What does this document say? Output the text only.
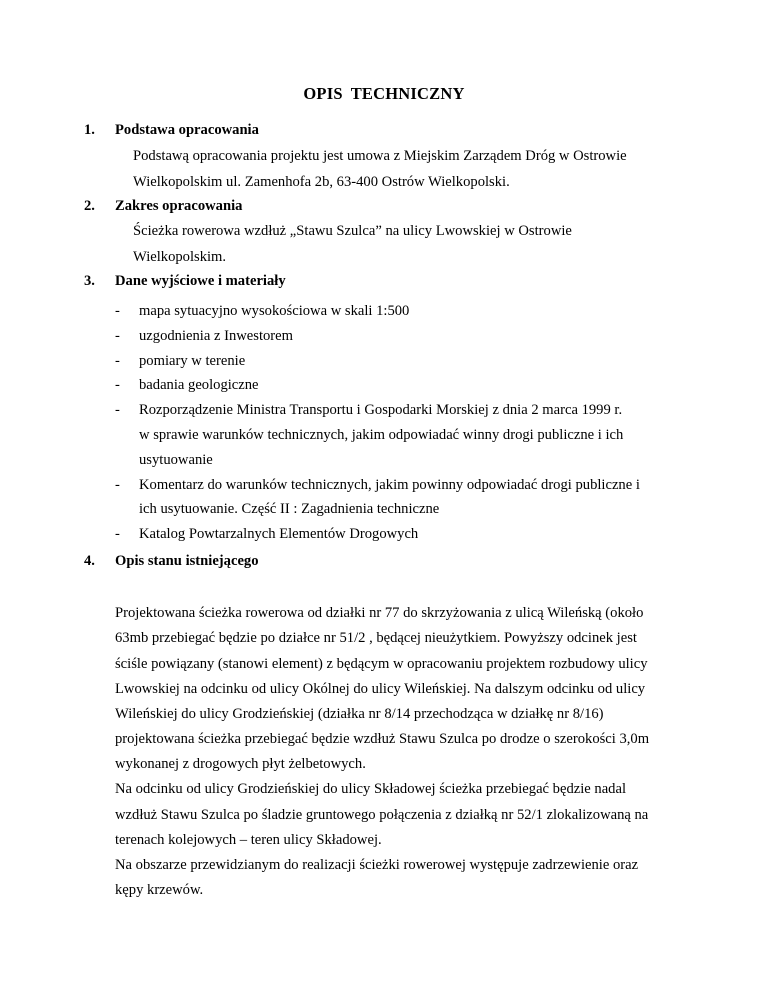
OPIS TECHNICZNY
1. Podstawa opracowania
Podstawą opracowania projektu jest umowa z Miejskim Zarządem Dróg w Ostrowie
Wielkopolskim ul. Zamenhofa 2b, 63-400 Ostrów Wielkopolski.
2. Zakres opracowania
Ścieżka rowerowa wzdłuż „Stawu Szulca” na ulicy Lwowskiej w Ostrowie
Wielkopolskim.
3. Dane wyjściowe i materiały
- mapa sytuacyjno wysokościowa w skali 1:500
- uzgodnienia z Inwestorem
- pomiary w terenie
- badania geologiczne
- Rozporządzenie Ministra Transportu i Gospodarki Morskiej z dnia 2 marca 1999 r.
w sprawie warunków technicznych, jakim odpowiadać winny drogi publiczne i ich
usytuowanie
- Komentarz do warunków technicznych, jakim powinny odpowiadać drogi publiczne i
ich usytuowanie. Część II : Zagadnienia techniczne
- Katalog Powtarzalnych Elementów Drogowych
4. Opis stanu istniejącego
Projektowana ścieżka rowerowa od działki nr 77 do skrzyżowania z ulicą Wileńską (około
63mb przebiegać będzie po działce nr 51/2 , będącej nieużytkiem. Powyższy odcinek jest
ściśle powiązany (stanowi element) z będącym w opracowaniu projektem rozbudowy ulicy
Lwowskiej na odcinku od ulicy Okólnej do ulicy Wileńskiej. Na dalszym odcinku od ulicy
Wileńskiej do ulicy Grodzieńskiej (działka nr 8/14 przechodząca w działkę nr 8/16)
projektowana ścieżka przebiegać będzie wzdłuż Stawu Szulca po drodze o szerokości 3,0m
wykonanej z drogowych płyt żelbetowych.
Na odcinku od ulicy Grodzieńskiej do ulicy Składowej ścieżka przebiegać będzie nadal
wzdłuż Stawu Szulca po śladzie gruntowego połączenia z działką nr 52/1 zlokalizowaną na
terenach kolejowych – teren ulicy Składowej.
Na obszarze przewidzianym do realizacji ścieżki rowerowej występuje zadrzewienie oraz
kępy krzewów.
